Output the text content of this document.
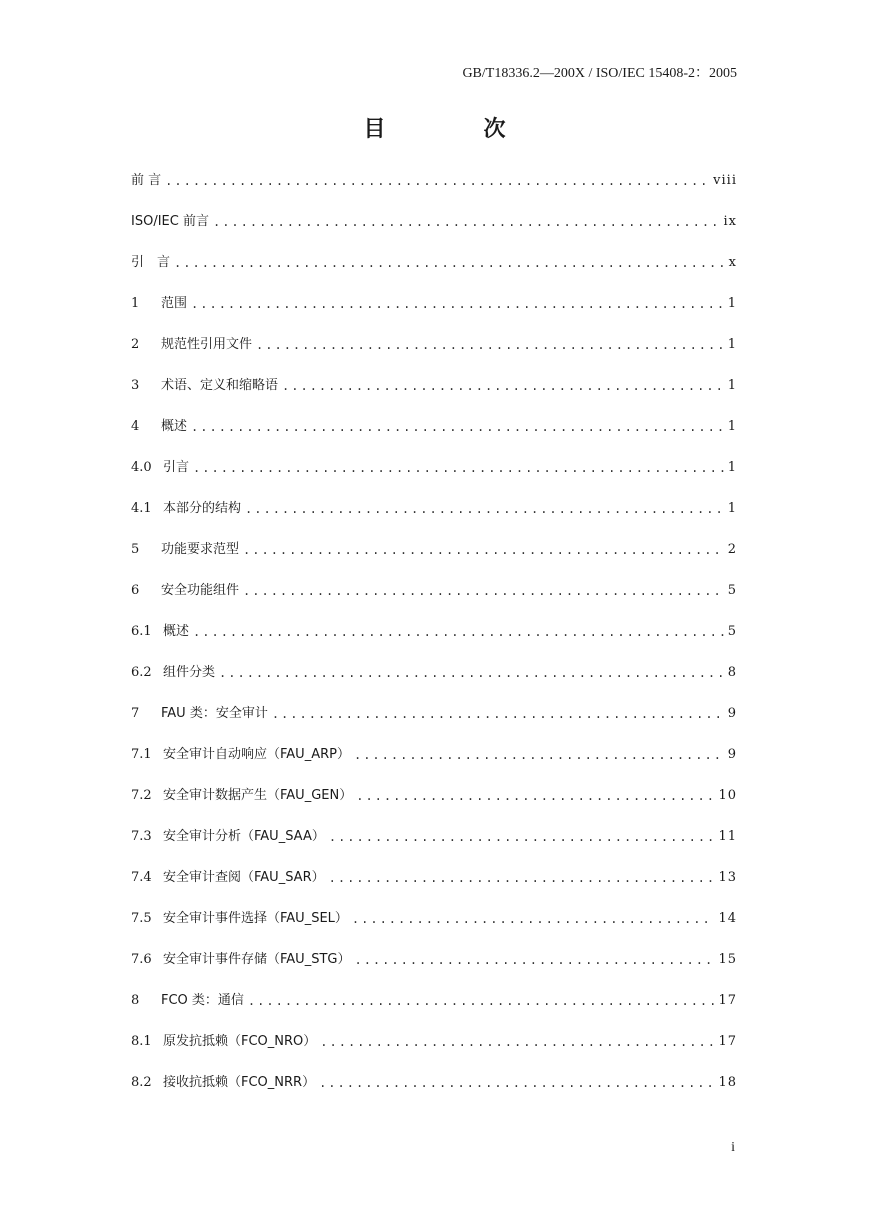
GB/T18336.2—200X / ISO/IEC 15408-2：2005
目　次
前 言 .....	viii
ISO/IEC 前言 .....	ix
引　言 .....	x
1	范围 .....	1
2	规范性引用文件 .....	1
3	术语、定义和缩略语 .....	1
4	概述 .....	1
4.0 引言 .....	1
4.1 本部分的结构 .....	1
5	功能要求范型 .....	2
6	安全功能组件 .....	5
6.1 概述 .....	5
6.2 组件分类 .....	8
7	FAU 类：安全审计 .....	9
7.1 安全审计自动响应（FAU_ARP） .....	9
7.2 安全审计数据产生（FAU_GEN） .....	10
7.3 安全审计分析（FAU_SAA） .....	11
7.4 安全审计查阅（FAU_SAR） .....	13
7.5 安全审计事件选择（FAU_SEL） .....	14
7.6 安全审计事件存储（FAU_STG） .....	15
8	FCO 类：通信 .....	17
8.1 原发抗抵赖（FCO_NRO） .....	17
8.2 接收抗抵赖（FCO_NRR） .....	18
i
